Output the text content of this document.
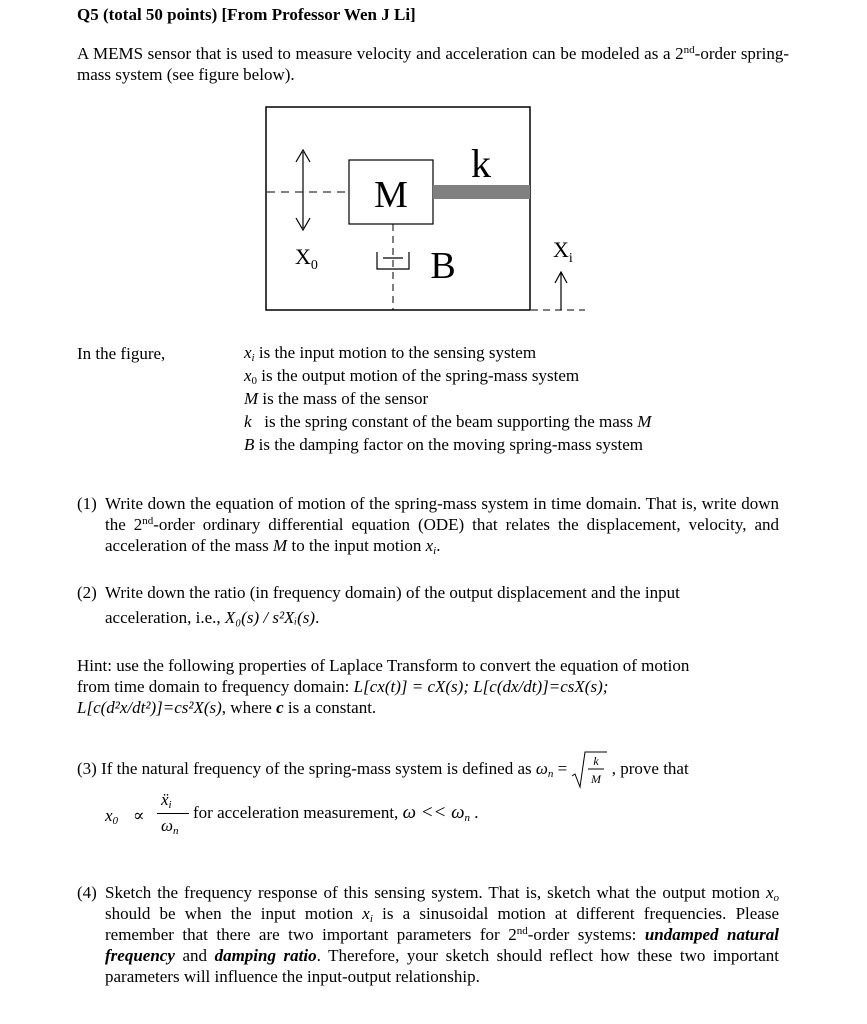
Q5 (total 50 points) [From Professor Wen J Li]
A MEMS sensor that is used to measure velocity and acceleration can be modeled as a 2nd-order spring-mass system (see figure below).
M
k
B
$X_0$
$X_i$
In the figure,	$x_i$ is the input motion to the sensing system
$x_0$ is the output motion of the spring-mass system
M is the mass of the sensor
k   is the spring constant of the beam supporting the mass M
B is the damping factor on the moving spring-mass system
(1) Write down the equation of motion of the spring-mass system in time domain. That is, write down the 2nd-order ordinary differential equation (ODE) that relates the displacement, velocity, and acceleration of the mass M to the input motion $x_i$.

(2) Write down the ratio (in frequency domain) of the output displacement and the input

acceleration, i.e., X₀(s) / s²Xᵢ(s).

Hint: use the following properties of Laplace Transform to convert the equation of motion
from time domain to frequency domain: L[cx(t)] = cX(s); L[c(dx/dt)]=csX(s);
L[c(d²x/dt²)]=cs²X(s), where c is a constant.
(3) If the natural frequency of the spring-mass system is defined as $\omega_n = k$
M
, prove that
$x_0$ ∝
ẍ$_i$
$\omega_n$
for acceleration measurement, $\omega << \omega_n$ .
(4) Sketch the frequency response of this sensing system. That is, sketch what the output motion $x_o$ should be when the input motion $x_i$ is a sinusoidal motion at different frequencies. Please remember that there are two important parameters for 2nd-order systems: undamped natural frequency and damping ratio. Therefore, your sketch should reflect how these two important parameters will influence the input-output relationship.
